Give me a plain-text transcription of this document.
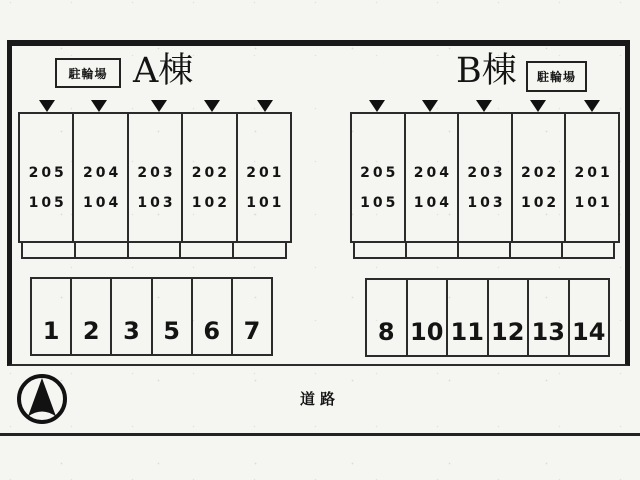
駐輪場 A棟	B棟 駐輪場
205
105
204
104
203
103
202
102
201
101
205
105
204
104
203
103
202
102
201
101
1 2 3 5 6 7	8 10 11 12 13 14
道路
